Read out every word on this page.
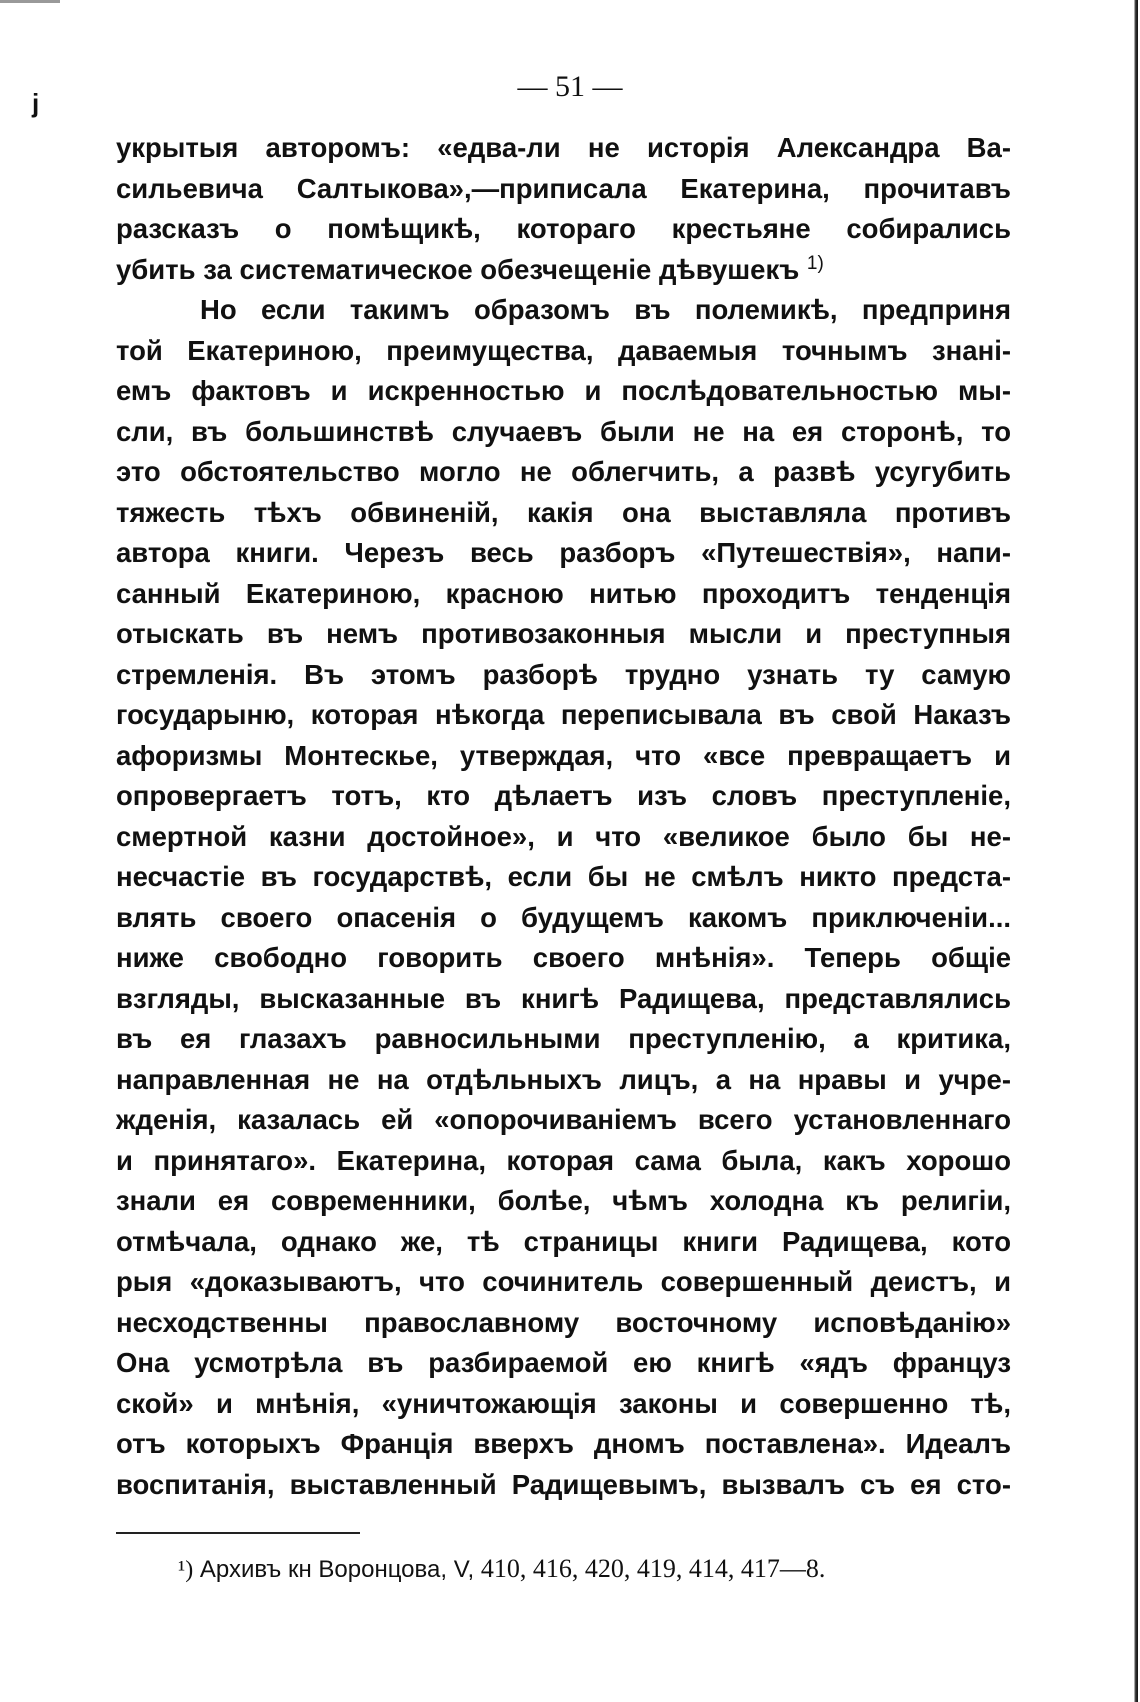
j	— 51 —
укрытыя авторомъ: «едва-ли не исторія Александра Ва-
сильевича Салтыкова»,—приписала Екатерина, прочитавъ
разсказъ о помѣщикѣ, котораго крестьяне собирались
убить за систематическое обезчещеніе дѣвушекъ $^{1)}$
Но если такимъ образомъ въ полемикѣ, предприня
той Екатериною, преимущества, даваемыя точнымъ знані-
емъ фактовъ и искренностью и послѣдовательностью мы-
сли, въ большинствѣ случаевъ были не на ея сторонѣ, то
это обстоятельство могло не облегчить, а развѣ усугубить
тяжесть тѣхъ обвиненій, какія она выставляла противъ
автора книги. Черезъ весь разборъ «Путешествія», напи-
санный Екатериною, красною нитью проходитъ тенденція
отыскать въ немъ противозаконныя мысли и преступныя
стремленія. Въ этомъ разборѣ трудно узнать ту самую
государыню, которая нѣкогда переписывала въ свой Наказъ
афоризмы Монтескье, утверждая, что «все превращаетъ и
опровергаетъ тотъ, кто дѣлаетъ изъ словъ преступленіе,
смертной казни достойное», и что «великое было бы не-
несчастіе въ государствѣ, если бы не смѣлъ никто предста-
влять своего опасенія о будущемъ какомъ приключеніи...
ниже свободно говорить своего мнѣнія». Теперь общіе
взгляды, высказанные въ книгѣ Радищева, представлялись
въ ея глазахъ равносильными преступленію, а критика,
направленная не на отдѣльныхъ лицъ, а на нравы и учре-
жденія, казалась ей «опорочиваніемъ всего установленнаго
и принятаго». Екатерина, которая сама была, какъ хорошо
знали ея современники, болѣе, чѣмъ холодна къ религіи,
отмѣчала, однако же, тѣ страницы книги Радищева, кото
рыя «доказываютъ, что сочинитель совершенный деистъ, и
несходственны православному восточному исповѣданію»
Она усмотрѣла въ разбираемой ею книгѣ «ядъ француз
ской» и мнѣнія, «уничтожающія законы и совершенно тѣ,
отъ которыхъ Франція вверхъ дномъ поставлена». Идеалъ
воспитанія, выставленный Радищевымъ, вызвалъ съ ея сто-
¹) Архивъ кн Воронцова, V, 410, 416, 420, 419, 414, 417—8.
